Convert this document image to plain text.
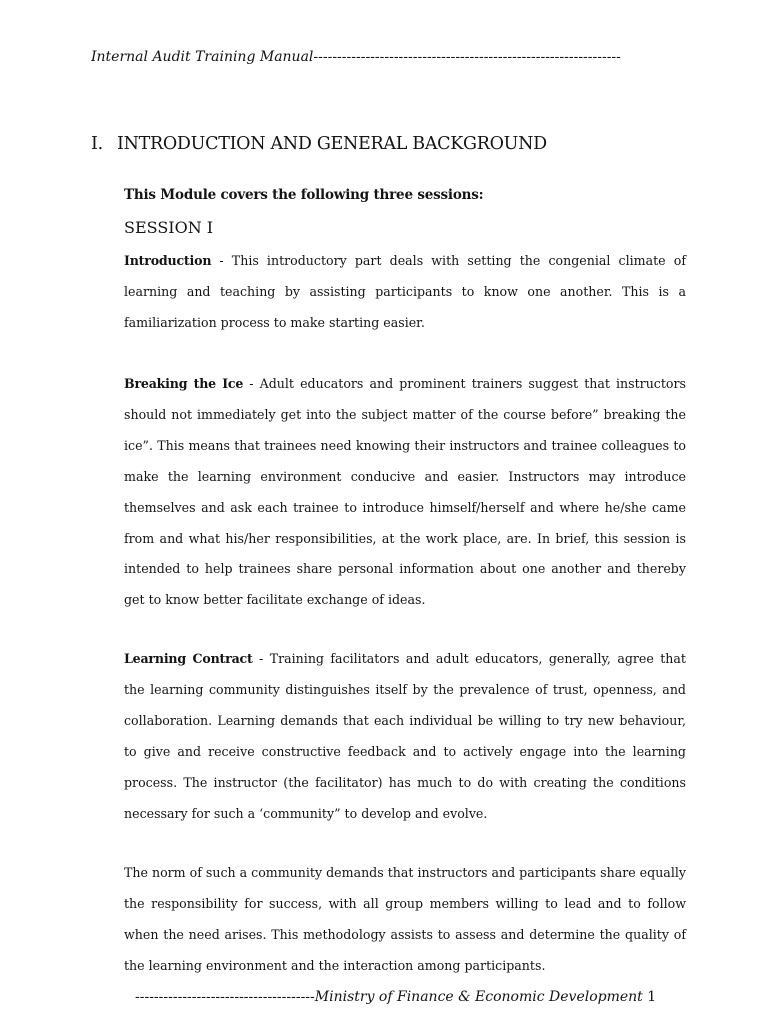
Internal Audit Training Manual-----------------------------------------------------------------
I. INTRODUCTION AND GENERAL BACKGROUND
This Module covers the following three sessions:
SESSION I

Introduction - This introductory part deals with setting the congenial climate of learning and teaching by assisting participants to know one another. This is a familiarization process to make starting easier.

Breaking the Ice - Adult educators and prominent trainers suggest that instructors should not immediately get into the subject matter of the course before” breaking the ice”. This means that trainees need knowing their instructors and trainee colleagues to make the learning environment conducive and easier. Instructors may introduce themselves and ask each trainee to introduce himself/herself and where he/she came from and what his/her responsibilities, at the work place, are. In brief, this session is intended to help trainees share personal information about one another and thereby get to know better facilitate exchange of ideas.

Learning Contract - Training facilitators and adult educators, generally, agree that the learning community distinguishes itself by the prevalence of trust, openness, and collaboration. Learning demands that each individual be willing to try new behaviour, to give and receive constructive feedback and to actively engage into the learning process. The instructor (the facilitator) has much to do with creating the conditions necessary for such a ‘community” to develop and evolve.

The norm of such a community demands that instructors and participants share equally the responsibility for success, with all group members willing to lead and to follow when the need arises. This methodology assists to assess and determine the quality of the learning environment and the interaction among participants.

--------------------------------------Ministry of Finance & Economic Development 1
